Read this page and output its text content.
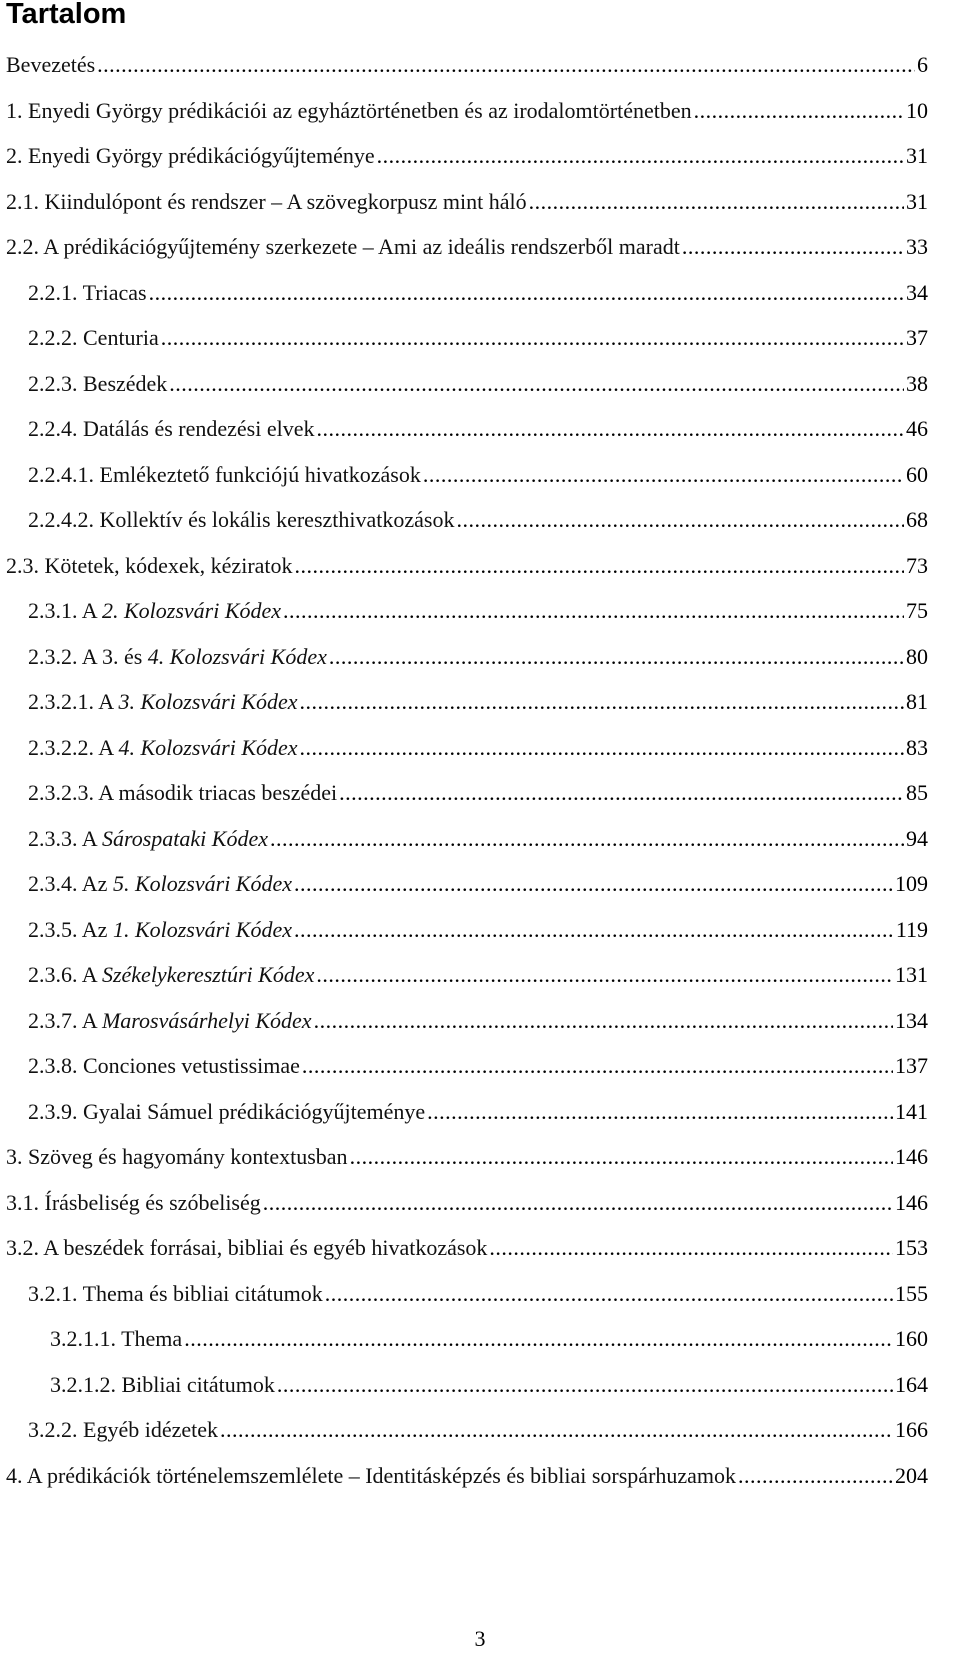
Tartalom
Bevezetés .....	6
1. Enyedi György prédikációi az egyháztörténetben és az irodalomtörténetben .....	10
2. Enyedi György prédikációgyűjteménye .....	31
2.1. Kiindulópont és rendszer – A szövegkorpusz mint háló .....	31
2.2. A prédikációgyűjtemény szerkezete – Ami az ideális rendszerből maradt .....	33
2.2.1. Triacas .....	34
2.2.2. Centuria .....	37
2.2.3. Beszédek .....	38
2.2.4. Datálás és rendezési elvek .....	46
2.2.4.1. Emlékeztető funkciójú hivatkozások .....	60
2.2.4.2. Kollektív és lokális kereszthivatkozások .....	68
2.3. Kötetek, kódexek, kéziratok .....	73
2.3.1. A 2. Kolozsvári Kódex .....	75
2.3.2. A 3. és 4. Kolozsvári Kódex .....	80
2.3.2.1. A 3. Kolozsvári Kódex .....	81
2.3.2.2. A 4. Kolozsvári Kódex .....	83
2.3.2.3. A második triacas beszédei .....	85
2.3.3. A Sárospataki Kódex .....	94
2.3.4. Az 5. Kolozsvári Kódex .....	109
2.3.5. Az 1. Kolozsvári Kódex .....	119
2.3.6. A Székelykeresztúri Kódex .....	131
2.3.7. A Marosvásárhelyi Kódex .....	134
2.3.8. Conciones vetustissimae .....	137
2.3.9. Gyalai Sámuel prédikációgyűjteménye .....	141
3. Szöveg és hagyomány kontextusban .....	146
3.1. Írásbeliség és szóbeliség .....	146
3.2. A beszédek forrásai, bibliai és egyéb hivatkozások .....	153
3.2.1. Thema és bibliai citátumok .....	155
3.2.1.1. Thema .....	160
3.2.1.2. Bibliai citátumok .....	164
3.2.2. Egyéb idézetek .....	166
4. A prédikációk történelemszemlélete – Identitásképzés és bibliai sorspárhuzamok .....	204
3
